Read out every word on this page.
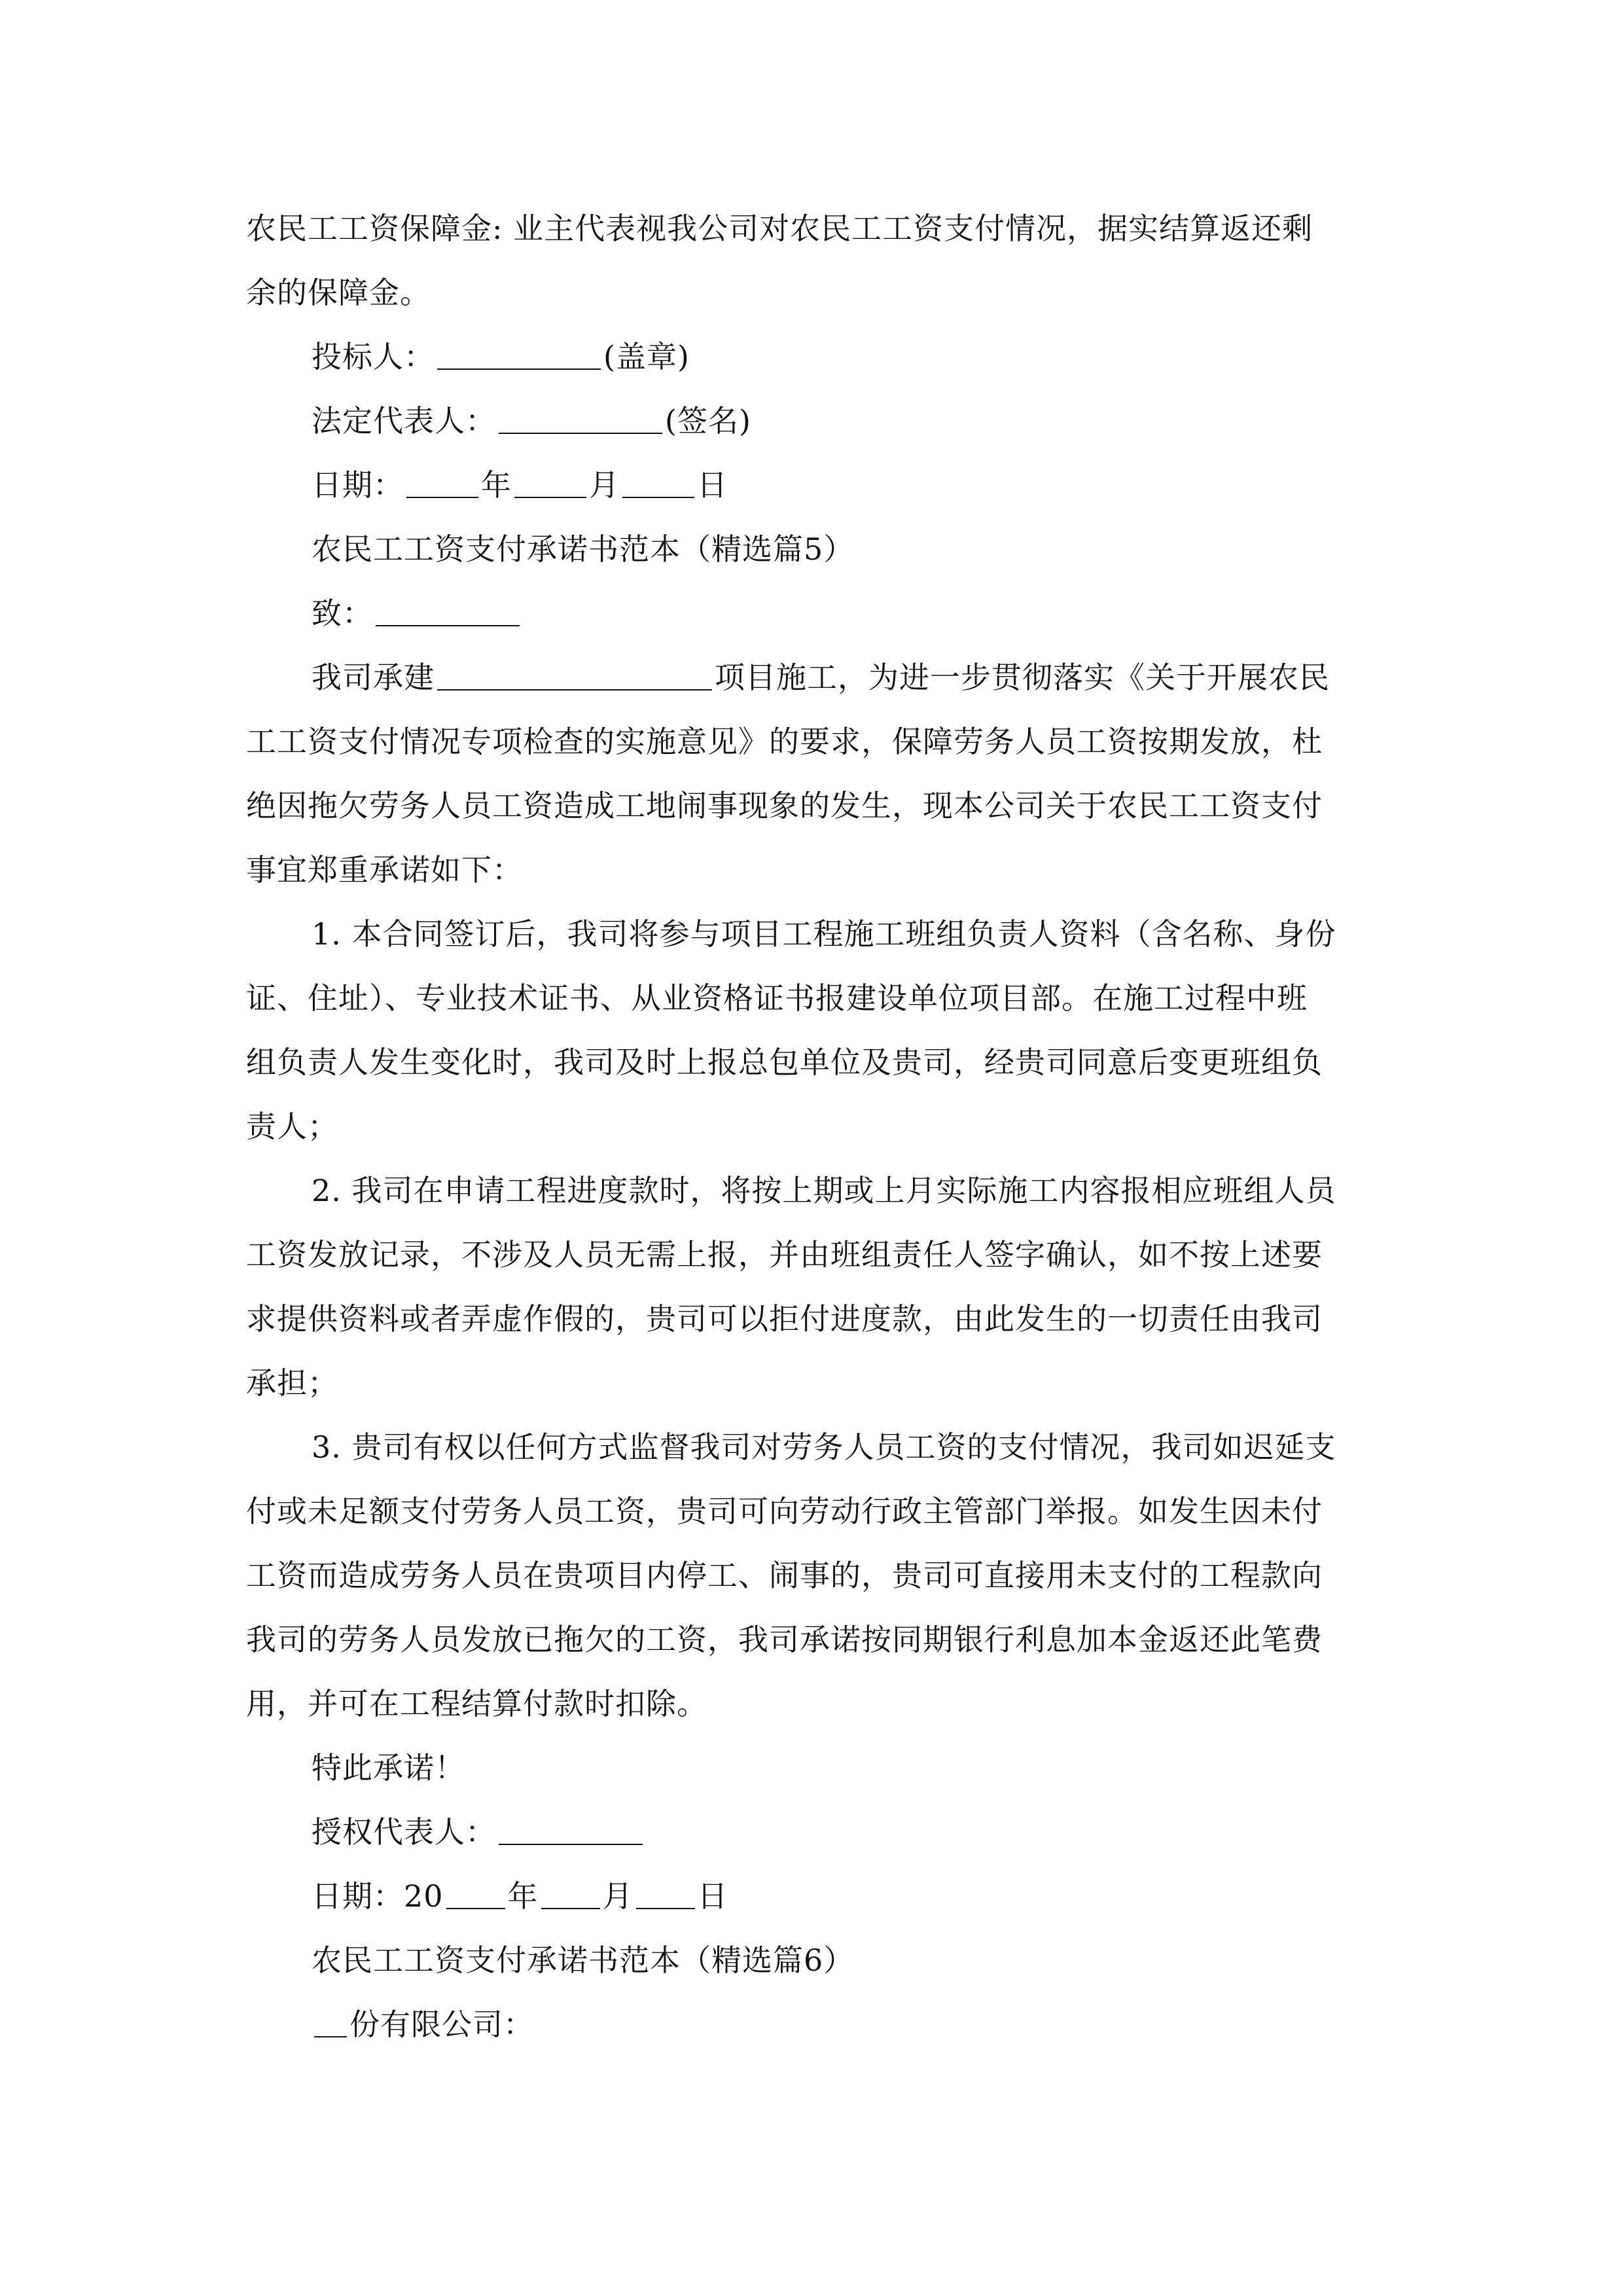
农民工工资保障金: 业主代表视我公司对农民工工资支付情况，据实结算返还剩
余的保障金。
投标人：	(盖章)
法定代表人：	(签名)
日期：	年	月	日
农民工工资支付承诺书范本（精选篇5）
致：
我司承建	项目施工，为进一步贯彻落实《关于开展农民
工工资支付情况专项检查的实施意见》的要求，保障劳务人员工资按期发放，杜
绝因拖欠劳务人员工资造成工地闹事现象的发生，现本公司关于农民工工资支付
事宜郑重承诺如下：
1. 本合同签订后，我司将参与项目工程施工班组负责人资料（含名称、身份
证、住址）、专业技术证书、从业资格证书报建设单位项目部。在施工过程中班
组负责人发生变化时，我司及时上报总包单位及贵司，经贵司同意后变更班组负
责人；
2. 我司在申请工程进度款时，将按上期或上月实际施工内容报相应班组人员
工资发放记录，不涉及人员无需上报，并由班组责任人签字确认，如不按上述要
求提供资料或者弄虚作假的，贵司可以拒付进度款，由此发生的一切责任由我司
承担；
3. 贵司有权以任何方式监督我司对劳务人员工资的支付情况，我司如迟延支
付或未足额支付劳务人员工资，贵司可向劳动行政主管部门举报。如发生因未付
工资而造成劳务人员在贵项目内停工、闹事的，贵司可直接用未支付的工程款向
我司的劳务人员发放已拖欠的工资，我司承诺按同期银行利息加本金返还此笔费
用，并可在工程结算付款时扣除。
特此承诺！
授权代表人：
日期：20 年 月 日
农民工工资支付承诺书范本（精选篇6）
份有限公司：
